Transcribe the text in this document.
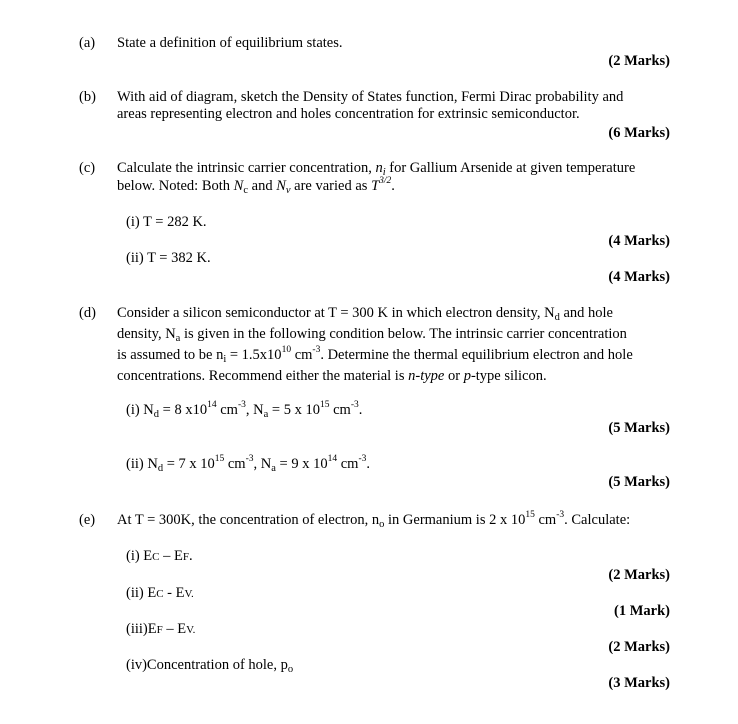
(a) State a definition of equilibrium states.
(2 Marks)
(b) With aid of diagram, sketch the Density of States function, Fermi Dirac probability and
areas representing electron and holes concentration for extrinsic semiconductor.
(6 Marks)
(c) Calculate the intrinsic carrier concentration, $n_i$ for Gallium Arsenide at given temperature
below. Noted: Both $N_c$ and $N_v$ are varied as $T^{3/2}$.
(i) T = 282 K.
(4 Marks)
(ii) T = 382 K.
(4 Marks)
(d) Consider a silicon semiconductor at T = 300 K in which electron density, $N_d$ and hole
density, $N_a$ is given in the following condition below. The intrinsic carrier concentration
is assumed to be $n_i = 1.5x10^{10}$ $cm^{-3}$. Determine the thermal equilibrium electron and hole
concentrations. Recommend either the material is n-type or p-type silicon.
(i) $N_d = 8$ $x10^{14}$ $cm^{-3}$, $N_a = 5$ x $10^{15}$ $cm^{-3}$.
(5 Marks)
(ii) $N_d = 7$ x $10^{15}$ $cm^{-3}$, $N_a = 9$ x $10^{14}$ $cm^{-3}$.
(5 Marks)
(e) At T = 300K, the concentration of electron, $n_o$ in Germanium is 2 x $10^{15}$ $cm^{-3}$. Calculate:
(i) EC – EF.
(2 Marks)
(ii) EC - EV.
(1 Mark)
(iii)EF – EV.
(2 Marks)
(iv)Concentration of hole, $p_o$
(3 Marks)
